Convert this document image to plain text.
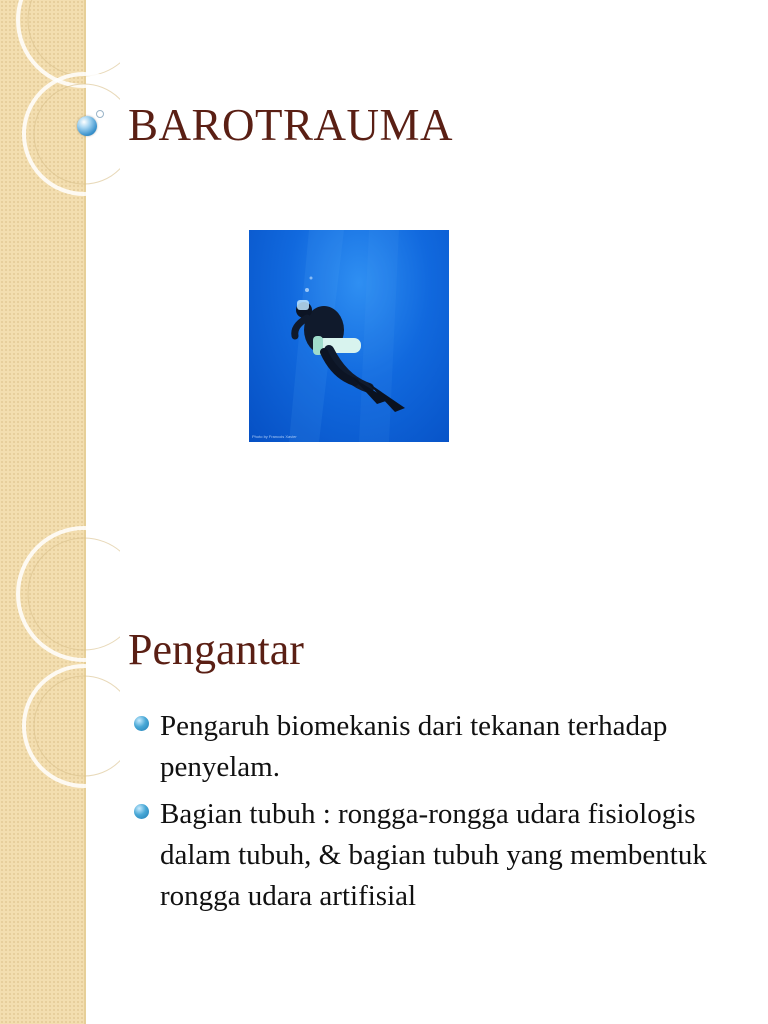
BAROTRAUMA
Photo by Francois Xavier
Pengantar
Pengaruh biomekanis dari tekanan terhadap penyelam.
Bagian tubuh : rongga-rongga udara fisiologis dalam tubuh, & bagian tubuh yang membentuk rongga udara artifisial
